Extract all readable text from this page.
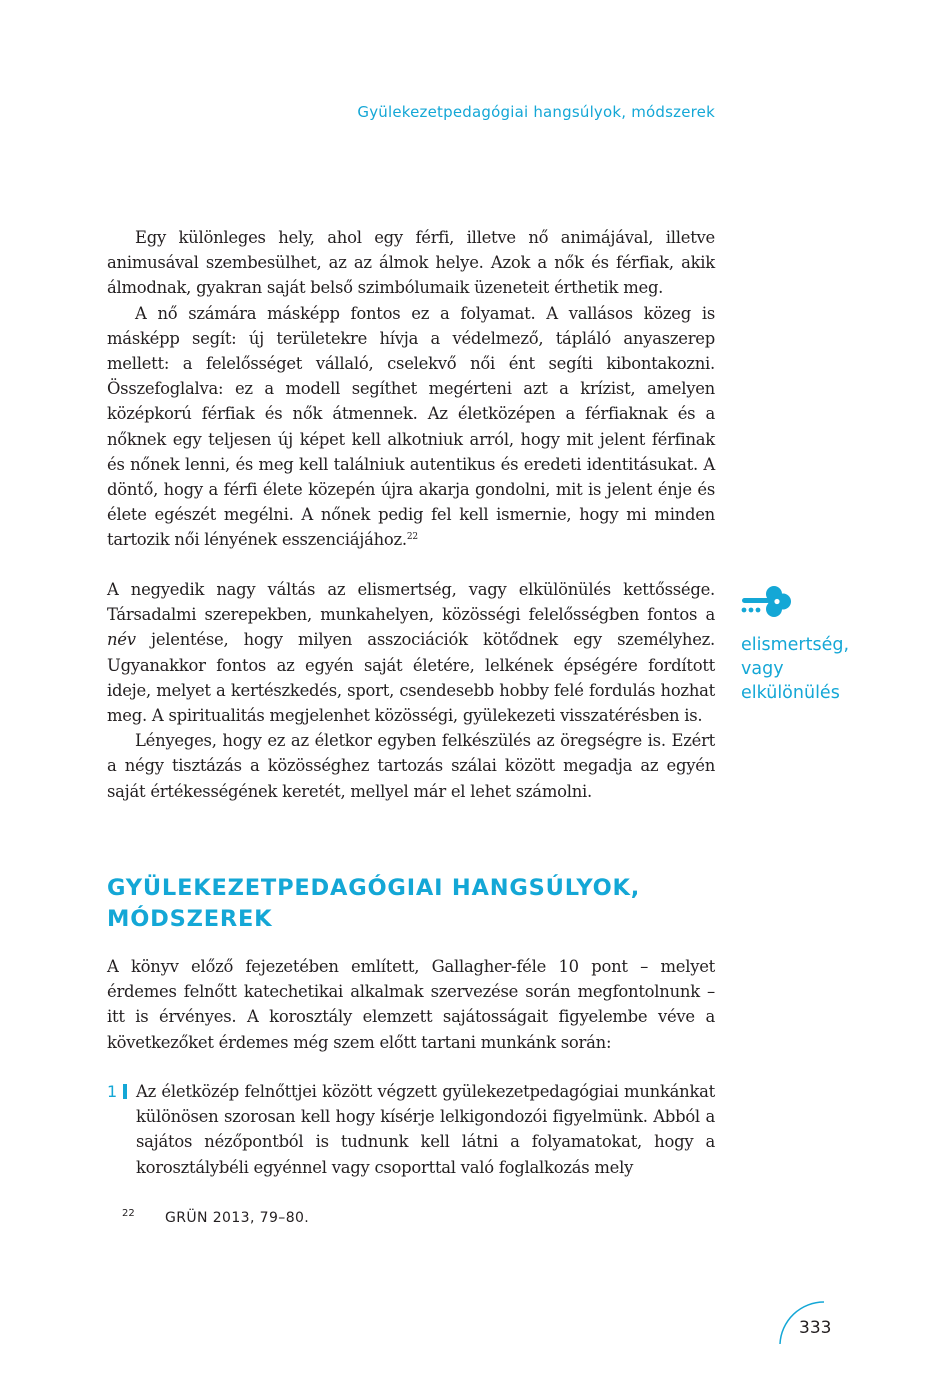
Gyülekezetpedagógiai hangsúlyok, módszerek

Egy különleges hely, ahol egy férfi, illetve nő animájával, illetve animusával szembesülhet, az az álmok helye. Azok a nők és férfiak, akik álmodnak, gyakran saját belső szimbólumaik üzeneteit érthetik meg.

A nő számára másképp fontos ez a folyamat. A vallásos közeg is másképp segít: új területekre hívja a védelmező, tápláló anyaszerep mellett: a felelősséget vállaló, cselekvő női ént segíti kibontakozni. Összefoglalva: ez a modell segíthet megérteni azt a krízist, amelyen középkorú férfiak és nők átmennek. Az életközépen a férfiaknak és a nőknek egy teljesen új képet kell alkotniuk arról, hogy mit jelent férfinak és nőnek lenni, és meg kell találniuk autentikus és eredeti identitásukat. A döntő, hogy a férfi élete közepén újra akarja gondolni, mit is jelent énje és élete egészét megélni. A nőnek pedig fel kell ismernie, hogy mi minden tartozik női lényének esszenciájához.$^{22}$

A negyedik nagy váltás az elismertség, vagy elkülönülés kettőssége. Társadalmi szerepekben, munkahelyen, közösségi felelősségben fontos a név jelentése, hogy milyen asszociációk kötődnek egy személyhez. Ugyanakkor fontos az egyén saját életére, lelkének épségére fordított ideje, melyet a kertészkedés, sport, csendesebb hobby felé fordulás hozhat meg. A spiritualitás megjelenhet közösségi, gyülekezeti visszatérésben is.

Lényeges, hogy ez az életkor egyben felkészülés az öregségre is. Ezért a négy tisztázás a közösséghez tartozás szálai között megadja az egyén saját értékességének keretét, mellyel már el lehet számolni.

elismertség,
vagy
elkülönülés
GYÜLEKEZETPEDAGÓGIAI HANGSÚLYOK,
MÓDSZEREK

A könyv előző fejezetében említett, Gallagher-féle 10 pont – melyet érdemes felnőtt katechetikai alkalmak szervezése során megfontolnunk – itt is érvényes. A korosztály elemzett sajátosságait figyelembe véve a következőket érdemes még szem előtt tartani munkánk során:

1 Az életközép felnőttjei között végzett gyülekezetpedagógiai munkánkat különösen szorosan kell hogy kísérje lelkigondozói figyelmünk. Abból a sajátos nézőpontból is tudnunk kell látni a folyamatokat, hogy a korosztálybéli egyénnel vagy csoporttal való foglalkozás mely

22 GRÜN 2013, 79–80.
333
